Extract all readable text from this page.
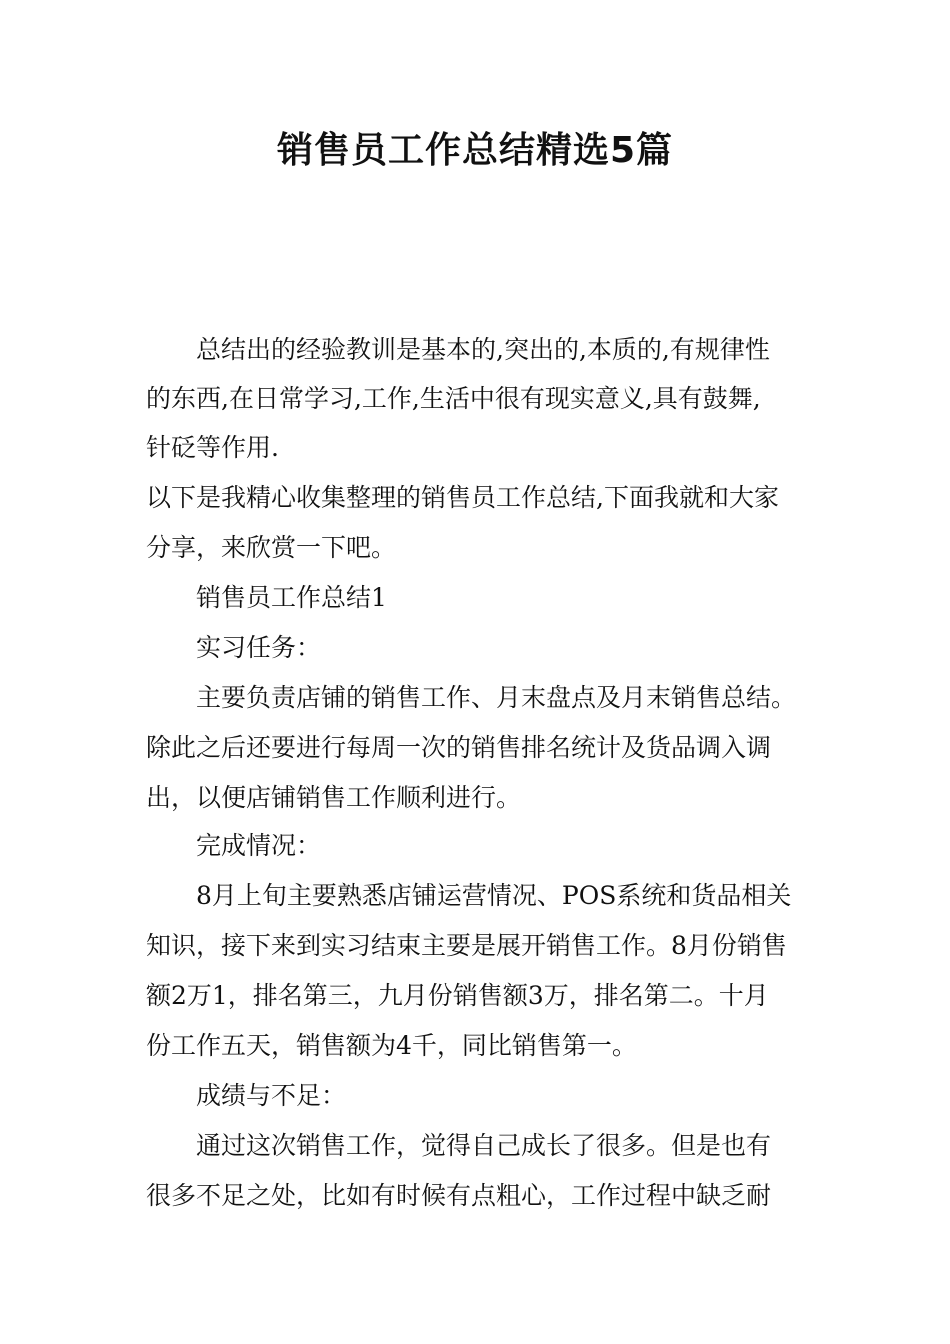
销售员工作总结精选5篇
总结出的经验教训是基本的,突出的,本质的,有规律性
的东西,在日常学习,工作,生活中很有现实意义,具有鼓舞,
针砭等作用.
以下是我精心收集整理的销售员工作总结,下面我就和大家
分享，来欣赏一下吧。
销售员工作总结1
实习任务：
主要负责店铺的销售工作、月末盘点及月末销售总结。
除此之后还要进行每周一次的销售排名统计及货品调入调
出，以便店铺销售工作顺利进行。
完成情况：
8月上旬主要熟悉店铺运营情况、POS系统和货品相关
知识，接下来到实习结束主要是展开销售工作。8月份销售
额2万1，排名第三，九月份销售额3万，排名第二。十月
份工作五天，销售额为4千，同比销售第一。
成绩与不足：
通过这次销售工作，觉得自己成长了很多。但是也有
很多不足之处，比如有时候有点粗心，工作过程中缺乏耐
